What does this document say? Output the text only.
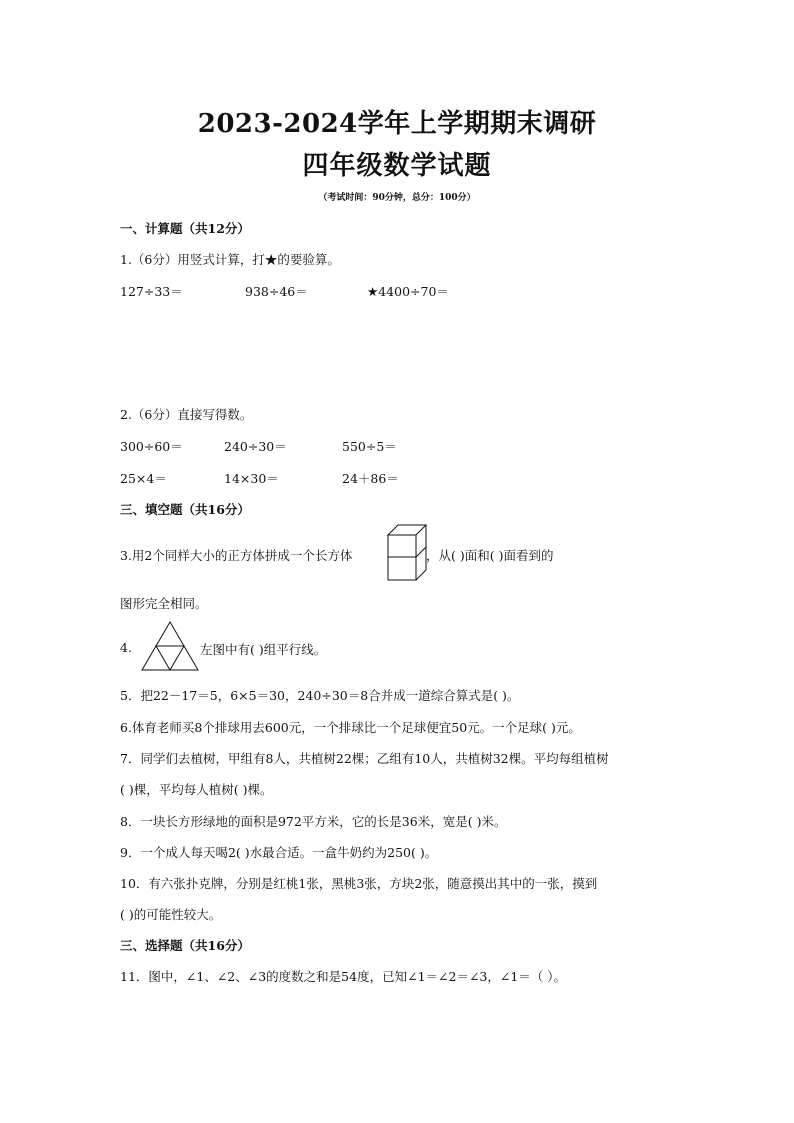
2023-2024学年上学期期末调研
四年级数学试题
（考试时间：90分钟，总分：100分）
一、计算题（共12分）
1.（6分）用竖式计算，打★的要验算。
127÷33＝	938÷46＝	★4400÷70＝
2.（6分）直接写得数。
300÷60＝	240÷30＝	550÷5＝
25×4＝	14×30＝	24＋86＝
三、填空题（共16分）
3.用2个同样大小的正方体拼成一个长方体	，从( )面和( )面看到的
图形完全相同。
4.	左图中有( )组平行线。
5．把22－17＝5，6×5＝30，240÷30＝8合并成一道综合算式是( )。
6.体育老师买8个排球用去600元，一个排球比一个足球便宜50元。一个足球( )元。
7．同学们去植树，甲组有8人，共植树22棵；乙组有10人，共植树32棵。平均每组植树
( )棵，平均每人植树( )棵。
8．一块长方形绿地的面积是972平方米，它的长是36米，宽是( )米。
9．一个成人每天喝2( )水最合适。一盒牛奶约为250( )。
10．有六张扑克牌，分别是红桃1张，黑桃3张，方块2张，随意摸出其中的一张，摸到
( )的可能性较大。
三、选择题（共16分）
11．图中，∠1、∠2、∠3的度数之和是54度，已知∠1＝∠2＝∠3，∠1＝（ ）。
